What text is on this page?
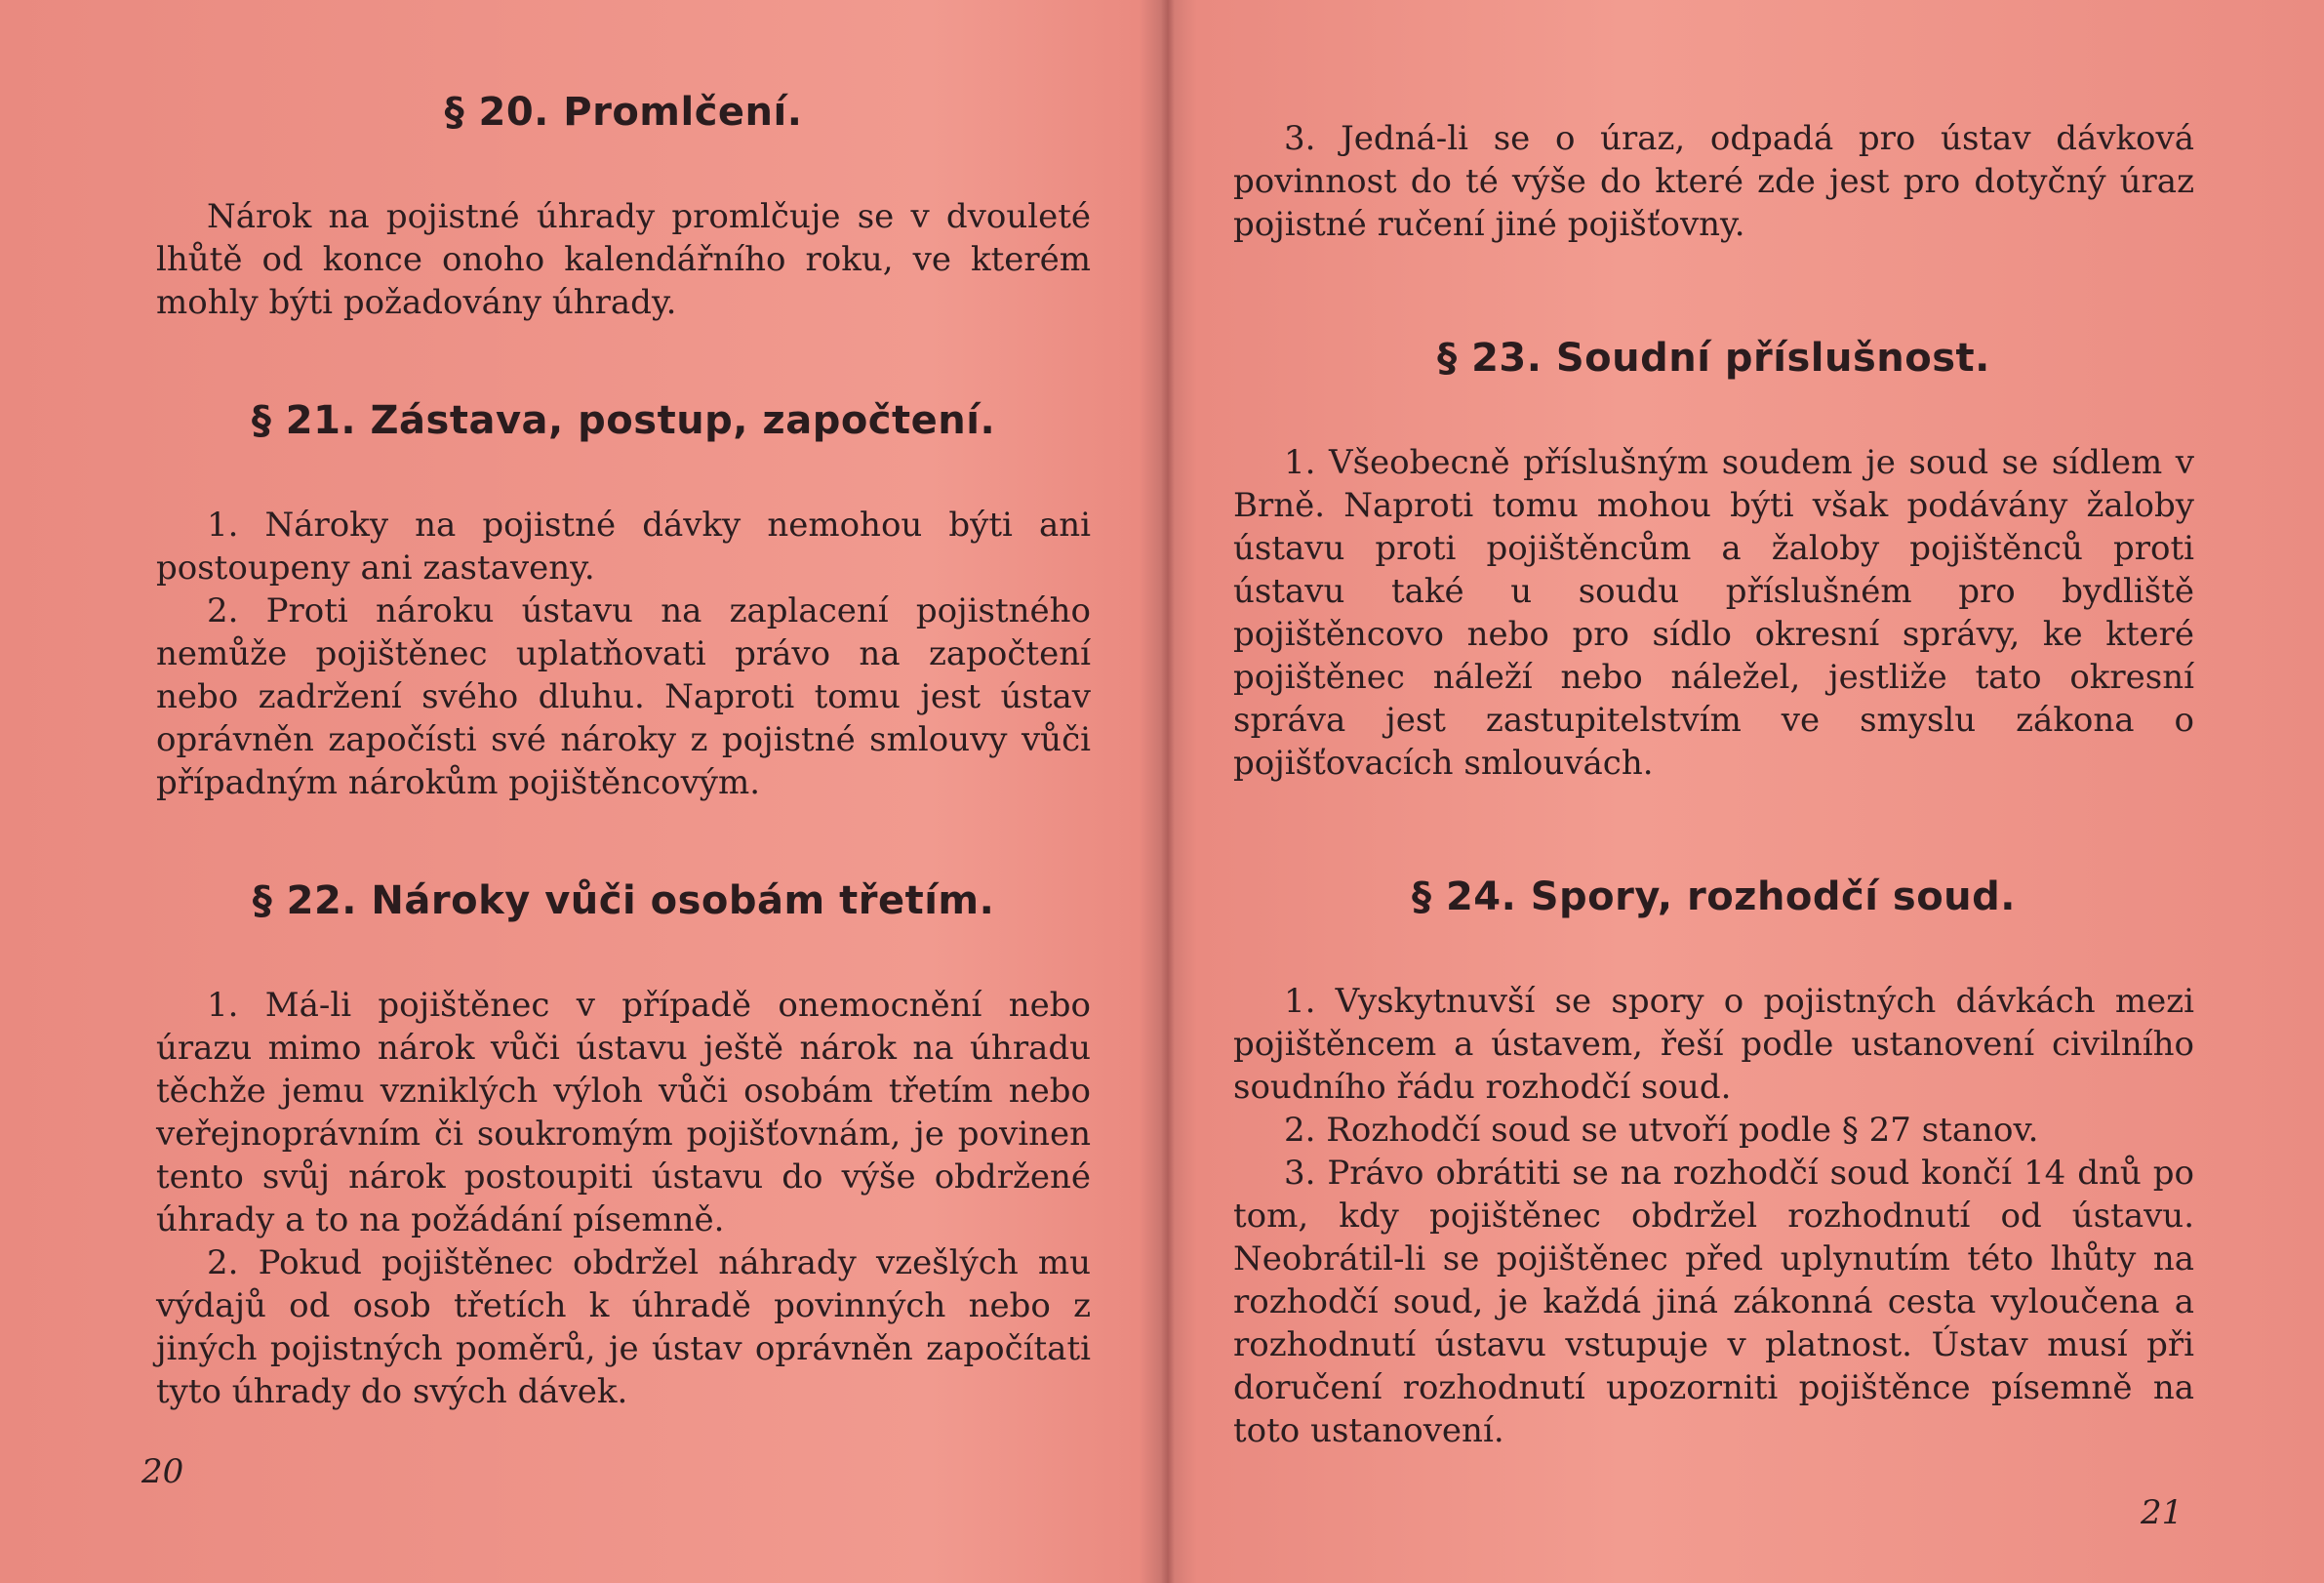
§ 20. Promlčení.

Nárok na pojistné úhrady promlčuje se v dvouleté lhůtě od konce onoho kalendářního roku, ve kterém mohly býti požadovány úhrady.

§ 21. Zástava, postup, započtení.

1. Nároky na pojistné dávky nemohou býti ani postoupeny ani zastaveny.

2. Proti nároku ústavu na zaplacení pojistného nemůže pojištěnec uplatňovati právo na započtení nebo zadržení svého dluhu. Naproti tomu jest ústav oprávněn započísti své nároky z pojistné smlouvy vůči případným nárokům pojištěncovým.

§ 22. Nároky vůči osobám třetím.

1. Má-li pojištěnec v případě onemocnění nebo úrazu mimo nárok vůči ústavu ještě nárok na úhradu těchže jemu vzniklých výloh vůči osobám třetím nebo veřejnoprávním či soukromým pojišťovnám, je povinen tento svůj nárok postoupiti ústavu do výše obdržené úhrady a to na požádání písemně.

2. Pokud pojištěnec obdržel náhrady vzešlých mu výdajů od osob třetích k úhradě povinných nebo z jiných pojistných poměrů, je ústav oprávněn započítati tyto úhrady do svých dávek.

20

3. Jedná-li se o úraz, odpadá pro ústav dávková povinnost do té výše do které zde jest pro dotyčný úraz pojistné ručení jiné pojišťovny.

§ 23. Soudní příslušnost.

1. Všeobecně příslušným soudem je soud se sídlem v Brně. Naproti tomu mohou býti však podávány žaloby ústavu proti pojištěncům a žaloby pojištěnců proti ústavu také u soudu příslušném pro bydliště pojištěncovo nebo pro sídlo okresní správy, ke které pojištěnec náleží nebo náležel, jestliže tato okresní správa jest zastupitelstvím ve smyslu zákona o pojišťovacích smlouvách.

§ 24. Spory, rozhodčí soud.

1. Vyskytnuvší se spory o pojistných dávkách mezi pojištěncem a ústavem, řeší podle ustanovení civilního soudního řádu rozhodčí soud.

2. Rozhodčí soud se utvoří podle § 27 stanov.

3. Právo obrátiti se na rozhodčí soud končí 14 dnů po tom, kdy pojištěnec obdržel rozhodnutí od ústavu. Neobrátil-li se pojištěnec před uplynutím této lhůty na rozhodčí soud, je každá jiná zákonná cesta vyloučena a rozhodnutí ústavu vstupuje v platnost. Ústav musí při doručení rozhodnutí upozorniti pojištěnce písemně na toto ustanovení.

21
